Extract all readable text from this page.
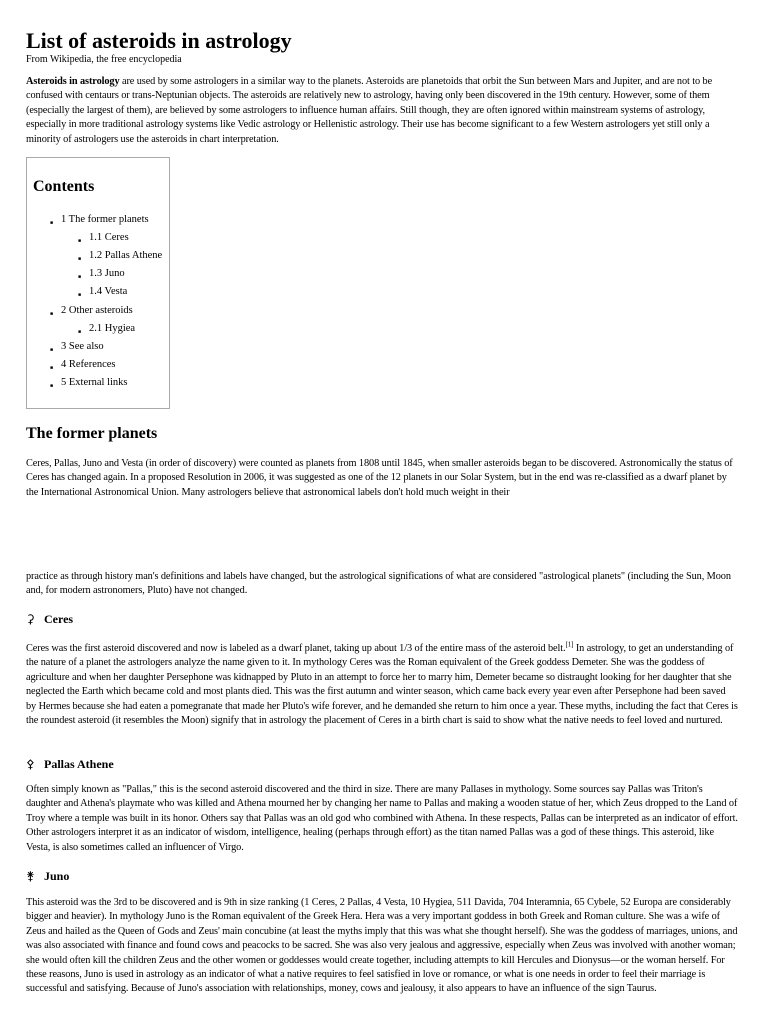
List of asteroids in astrology
From Wikipedia, the free encyclopedia

Asteroids in astrology are used by some astrologers in a similar way to the planets. Asteroids are planetoids that orbit the Sun between Mars and Jupiter, and are not to be confused with centaurs or trans-Neptunian objects. The asteroids are relatively new to astrology, having only been discovered in the 19th century. However, some of them (especially the largest of them), are believed by some astrologers to influence human affairs. Still though, they are often ignored within mainstream systems of astrology, especially in more traditional astrology systems like Vedic astrology or Hellenistic astrology. Their use has become significant to a few Western astrologers yet still only a minority of astrologers use the asteroids in chart interpretation.

Contents
■ 1 The former planets
■ 1.1 Ceres
■ 1.2 Pallas Athene
■ 1.3 Juno
■ 1.4 Vesta
■ 2 Other asteroids
■ 2.1 Hygiea
■ 3 See also
■ 4 References
■ 5 External links
The former planets

Ceres, Pallas, Juno and Vesta (in order of discovery) were counted as planets from 1808 until 1845, when smaller asteroids began to be discovered. Astronomically the status of Ceres has changed again. In a proposed Resolution in 2006, it was suggested as one of the 12 planets in our Solar System, but in the end was re-classified as a dwarf planet by the International Astronomical Union. Many astrologers believe that astronomical labels don't hold much weight in their

practice as through history man's definitions and labels have changed, but the astrological significations of what are considered "astrological planets" (including the Sun, Moon and, for modern astronomers, Pluto) have not changed.

⚳ Ceres

Ceres was the first asteroid discovered and now is labeled as a dwarf planet, taking up about 1/3 of the entire mass of the asteroid belt.[1] In astrology, to get an understanding of the nature of a planet the astrologers analyze the name given to it. In mythology Ceres was the Roman equivalent of the Greek goddess Demeter. She was the goddess of agriculture and when her daughter Persephone was kidnapped by Pluto in an attempt to force her to marry him, Demeter became so distraught looking for her daughter that she neglected the Earth which became cold and most plants died. This was the first autumn and winter season, which came back every year even after Persephone had been saved by Hermes because she had eaten a pomegranate that made her Pluto's wife forever, and he demanded she return to him once a year. These myths, including the fact that Ceres is the roundest asteroid (it resembles the Moon) signify that in astrology the placement of Ceres in a birth chart is said to show what the native needs to feel loved and nurtured.

⚴ Pallas Athene

Often simply known as "Pallas," this is the second asteroid discovered and the third in size. There are many Pallases in mythology. Some sources say Pallas was Triton's daughter and Athena's playmate who was killed and Athena mourned her by changing her name to Pallas and making a wooden statue of her, which Zeus dropped to the Land of Troy where a temple was built in its honor. Others say that Pallas was an old god who combined with Athena. In these respects, Pallas can be interpreted as an indicator of effort. Other astrologers interpret it as an indicator of wisdom, intelligence, healing (perhaps through effort) as the titan named Pallas was a god of these things. This asteroid, like Vesta, is also sometimes called an influencer of Virgo.

⚵ Juno

This asteroid was the 3rd to be discovered and is 9th in size ranking (1 Ceres, 2 Pallas, 4 Vesta, 10 Hygiea, 511 Davida, 704 Interamnia, 65 Cybele, 52 Europa are considerably bigger and heavier). In mythology Juno is the Roman equivalent of the Greek Hera. Hera was a very important goddess in both Greek and Roman culture. She was a wife of Zeus and hailed as the Queen of Gods and Zeus' main concubine (at least the myths imply that this was what she thought herself). She was the goddess of marriages, unions, and was also associated with finance and found cows and peacocks to be sacred. She was also very jealous and aggressive, especially when Zeus was involved with another woman; she would often kill the children Zeus and the other women or goddesses would create together, including attempts to kill Hercules and Dionysus—or the woman herself. For these reasons, Juno is used in astrology as an indicator of what a native requires to feel satisfied in love or romance, or what is one needs in order to feel their marriage is successful and satisfying. Because of Juno's association with relationships, money, cows and jealousy, it also appears to have an influence of the sign Taurus.
